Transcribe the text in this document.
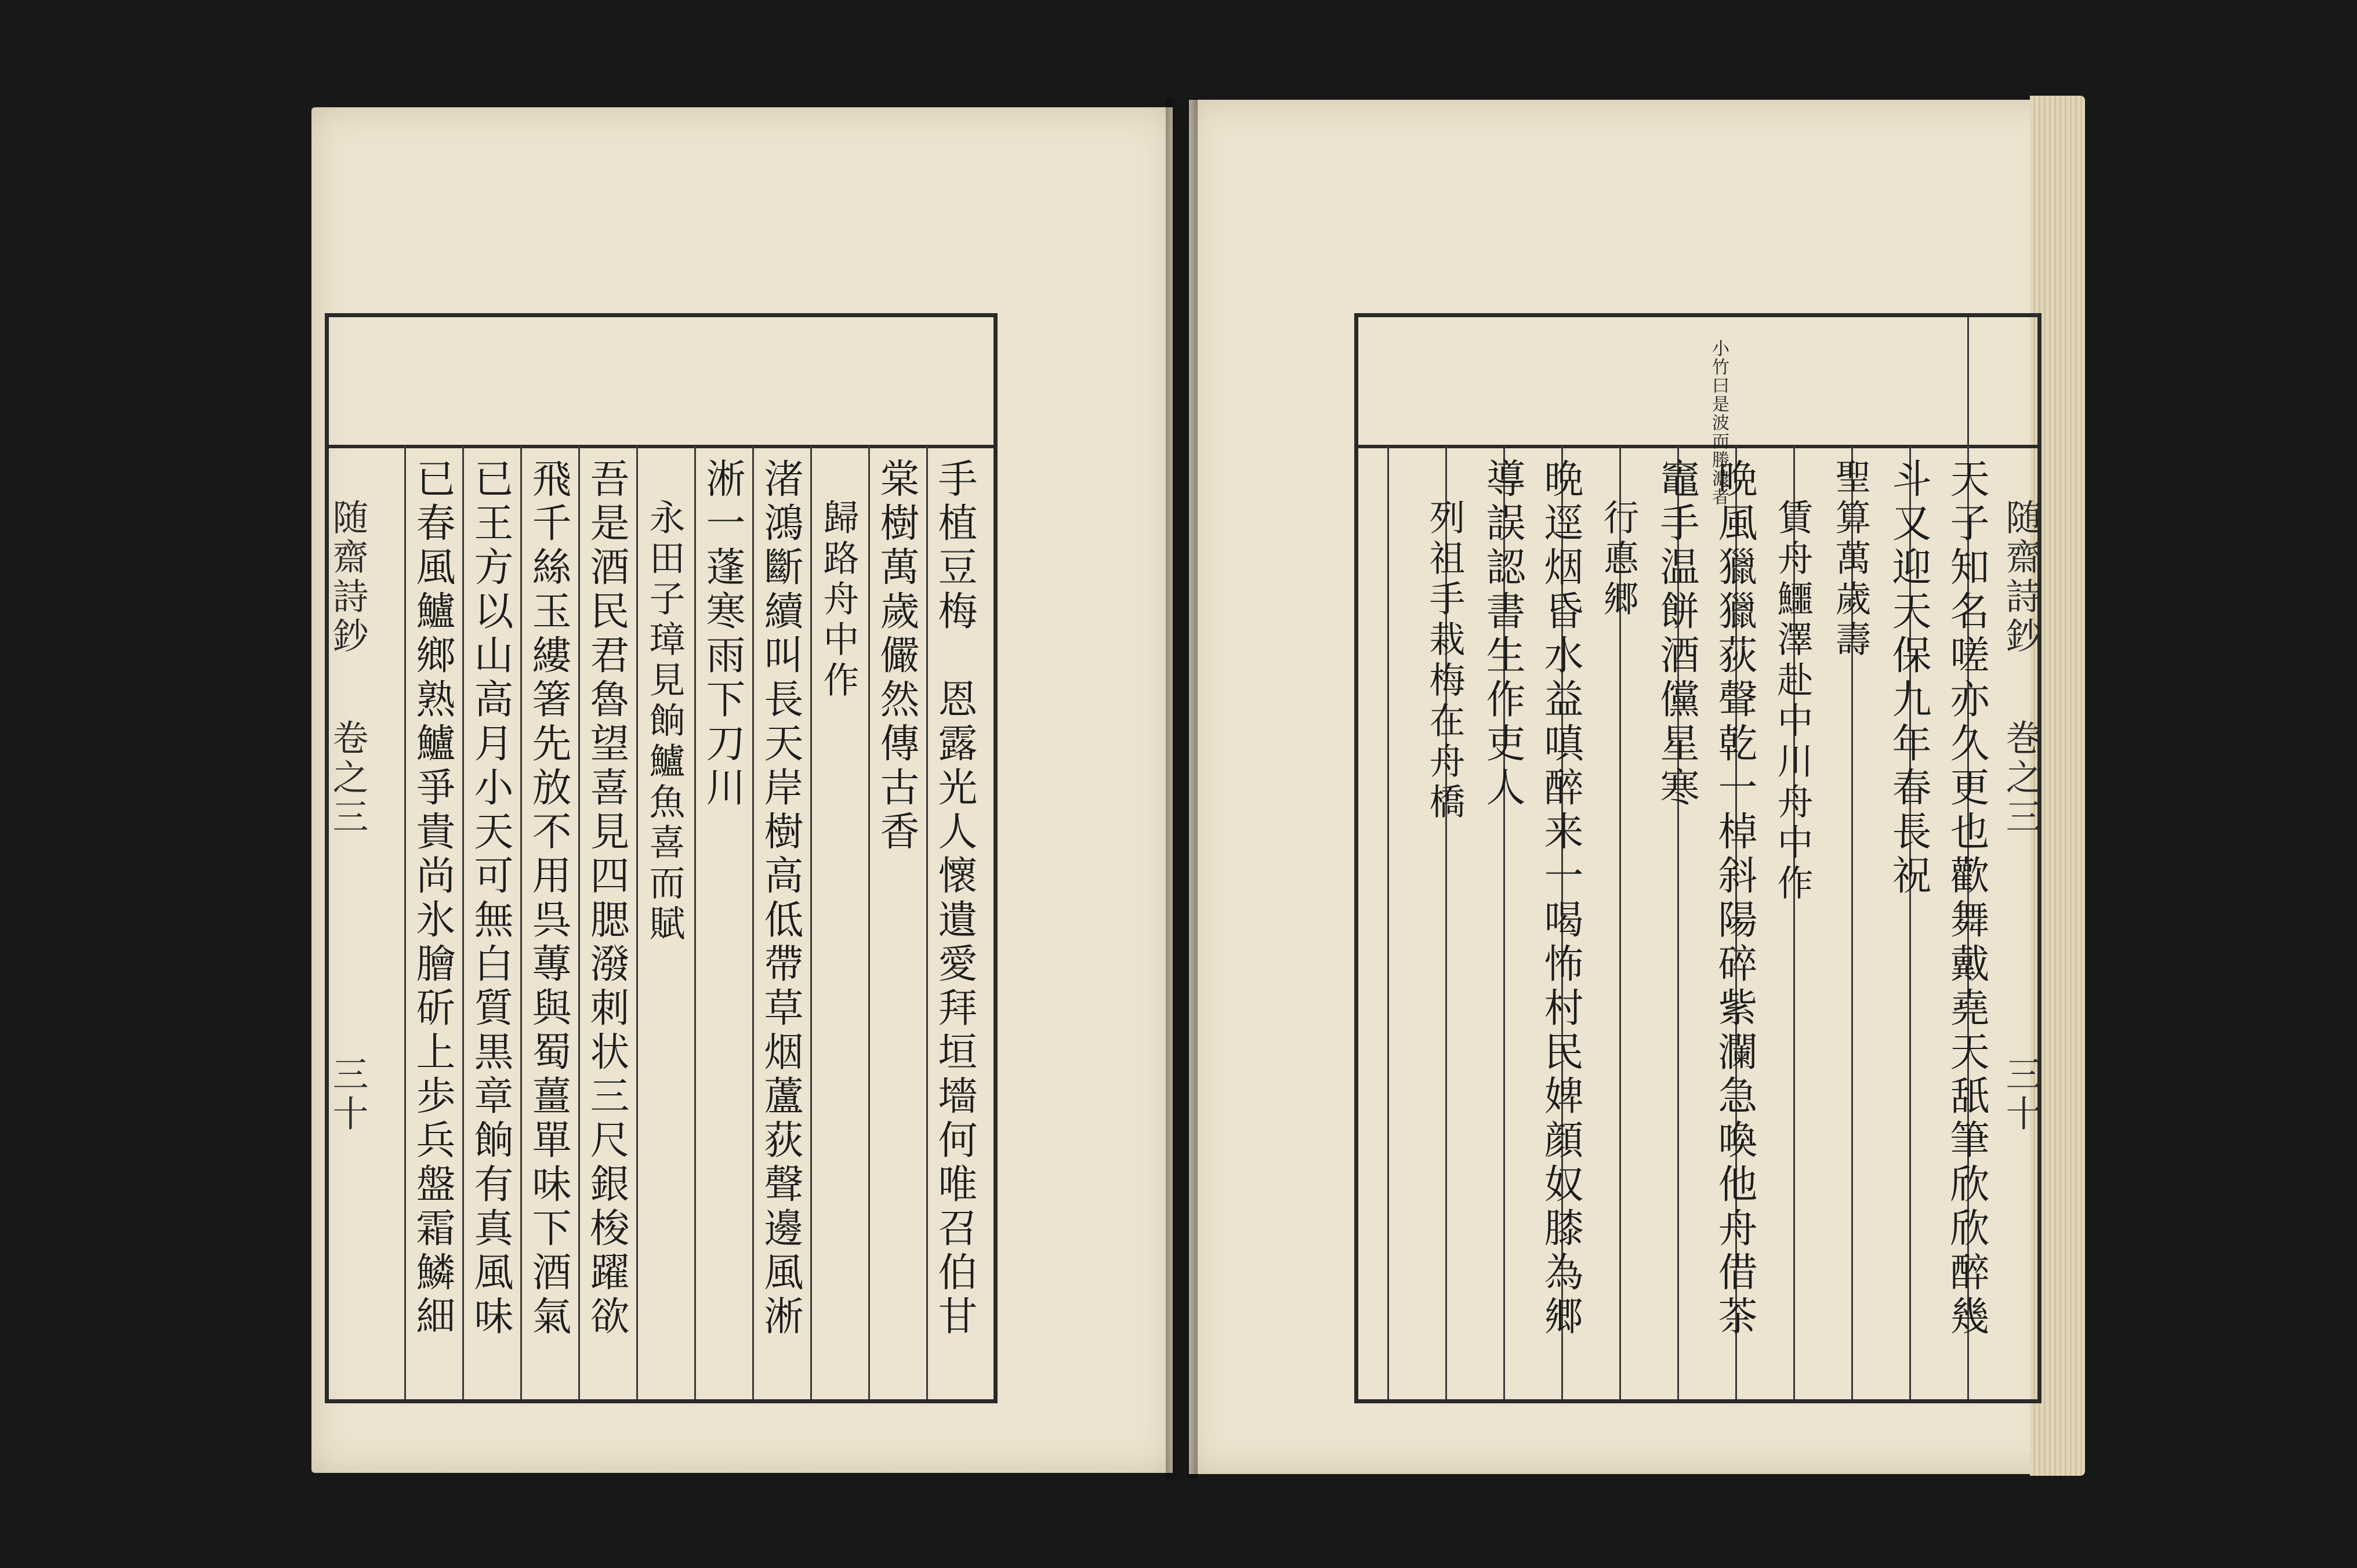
随齋詩鈔
卷之三
三十	手植豆梅　恩露光人懷遺愛拜垣墻何唯召伯甘
棠樹萬歲儼然傳古香
　歸路舟中作
渚鴻斷續叫長天岸樹高低帶草烟蘆荻聲邊風淅
淅一蓬寒雨下刀川
　永田子璋見餉鱸魚喜而賦
吾是酒民君魯望喜見四腮潑刺状三尺銀梭躍欲
飛千絲玉縷箸先放不用呉蓴與蜀薑單味下酒氣
已王方以山高月小天可無白質黒章餉有真風味
已春風鱸鄉熟鱸爭貴尚氷膾斫上歩兵盤霜鱗細
小竹曰是波而勝濃者
随齋詩鈔
巻之三
三十
天子知名嗟亦久更也歡舞戴堯天舐筆欣欣醉幾
斗又迎天保九年春長祝
聖算萬歲壽
　賃舟鱷澤赴中川舟中作
晩風獵獵荻聲乾一棹斜陽碎紫瀾急喚他舟借茶
竈手温餅酒儻星寒
　行悳郷
晩逕烟昏水益嗔醉来一喝怖村民婢顔奴膝為郷
導誤認書生作吏人
　列祖手栽梅在舟橋
